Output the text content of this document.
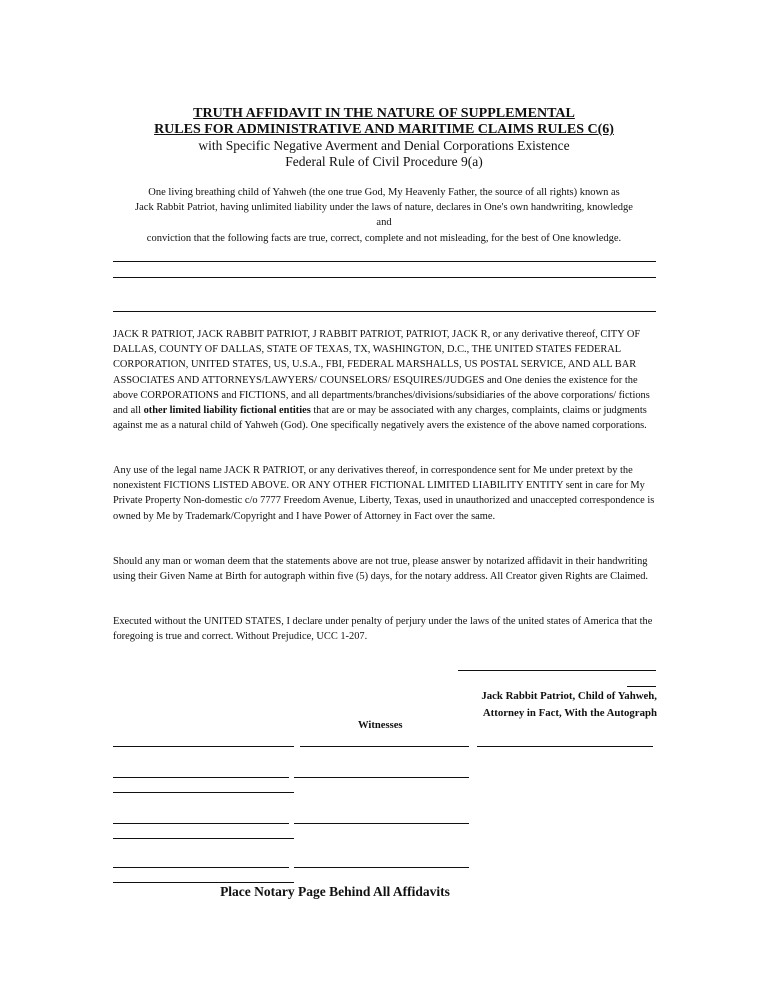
TRUTH AFFIDAVIT IN THE NATURE OF SUPPLEMENTAL
RULES FOR ADMINISTRATIVE AND MARITIME CLAIMS RULES C(6)
with Specific Negative Averment and Denial Corporations Existence
Federal Rule of Civil Procedure 9(a)
One living breathing child of Yahweh (the one true God, My Heavenly Father, the source of all rights) known as
Jack Rabbit Patriot, having unlimited liability under the laws of nature, declares in One's own handwriting, knowledge
and
conviction that the following facts are true, correct, complete and not misleading, for the best of One knowledge.
JACK R PATRIOT, JACK RABBIT PATRIOT, J RABBIT PATRIOT, PATRIOT, JACK R, or any derivative thereof, CITY OF DALLAS, COUNTY OF DALLAS, STATE OF TEXAS, TX, WASHINGTON, D.C., THE UNITED STATES FEDERAL CORPORATION, UNITED STATES, US, U.S.A., FBI, FEDERAL MARSHALLS, US POSTAL SERVICE, AND ALL BAR ASSOCIATES AND ATTORNEYS/LAWYERS/ COUNSELORS/ ESQUIRES/JUDGES and One denies the existence for the above CORPORATIONS and FICTIONS, and all departments/branches/divisions/subsidiaries of the above corporations/ fictions and all other limited liability fictional entities that are or may be associated with any charges, complaints, claims or judgments against me as a natural child of Yahweh (God). One specifically negatively avers the existence of the above named corporations.
Any use of the legal name JACK R PATRIOT, or any derivatives thereof, in correspondence sent for Me under pretext by the nonexistent FICTIONS LISTED ABOVE. OR ANY OTHER FICTIONAL LIMITED LIABILITY ENTITY sent in care for My Private Property Non-domestic c/o 7777 Freedom Avenue, Liberty, Texas, used in unauthorized and unaccepted correspondence is owned by Me by Trademark/Copyright and I have Power of Attorney in Fact over the same.
Should any man or woman deem that the statements above are not true, please answer by notarized affidavit in their handwriting using their Given Name at Birth for autograph within five (5) days, for the notary address. All Creator given Rights are Claimed.
Executed without the UNITED STATES, I declare under penalty of perjury under the laws of the united states of America that the foregoing is true and correct. Without Prejudice, UCC 1-207.
Jack Rabbit Patriot, Child of Yahweh,
Attorney in Fact, With the Autograph
Witnesses
Place Notary Page Behind All Affidavits
